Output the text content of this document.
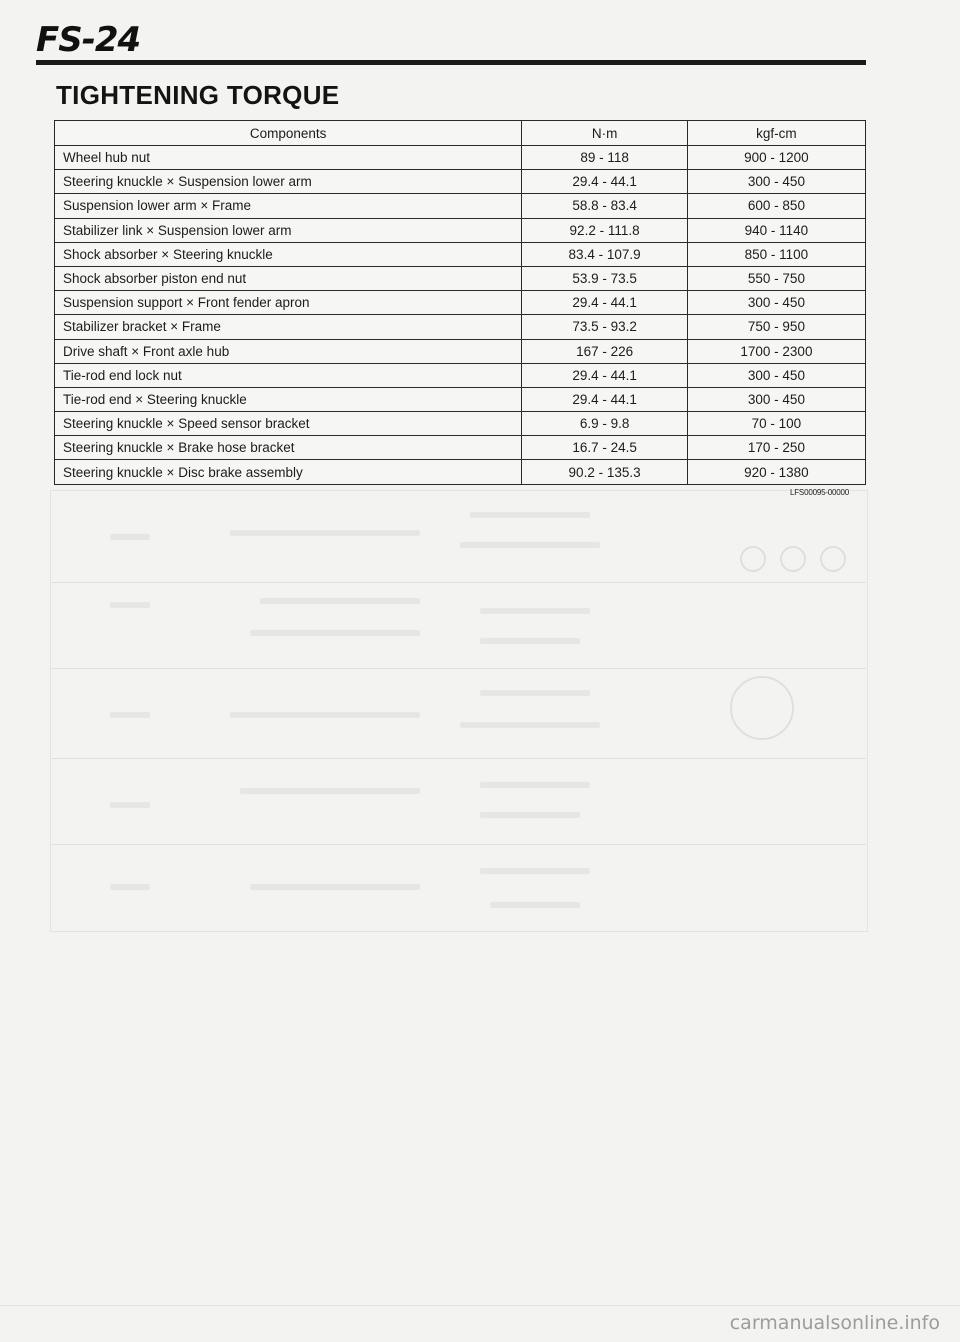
FS-24
TIGHTENING TORQUE
Components	N·m	kgf-cm
Wheel hub nut	89 - 118	900 - 1200
Steering knuckle × Suspension lower arm	29.4 - 44.1	300 - 450
Suspension lower arm × Frame	58.8 - 83.4	600 - 850
Stabilizer link × Suspension lower arm	92.2 - 111.8	940 - 1140
Shock absorber × Steering knuckle	83.4 - 107.9	850 - 1100
Shock absorber piston end nut	53.9 - 73.5	550 - 750
Suspension support × Front fender apron	29.4 - 44.1	300 - 450
Stabilizer bracket × Frame	73.5 - 93.2	750 - 950
Drive shaft × Front axle hub	167 - 226	1700 - 2300
Tie-rod end lock nut	29.4 - 44.1	300 - 450
Tie-rod end × Steering knuckle	29.4 - 44.1	300 - 450
Steering knuckle × Speed sensor bracket	6.9 - 9.8	70 - 100
Steering knuckle × Brake hose bracket	16.7 - 24.5	170 - 250
Steering knuckle × Disc brake assembly	90.2 - 135.3	920 - 1380
LFS00095-00000
carmanualsonline.info
